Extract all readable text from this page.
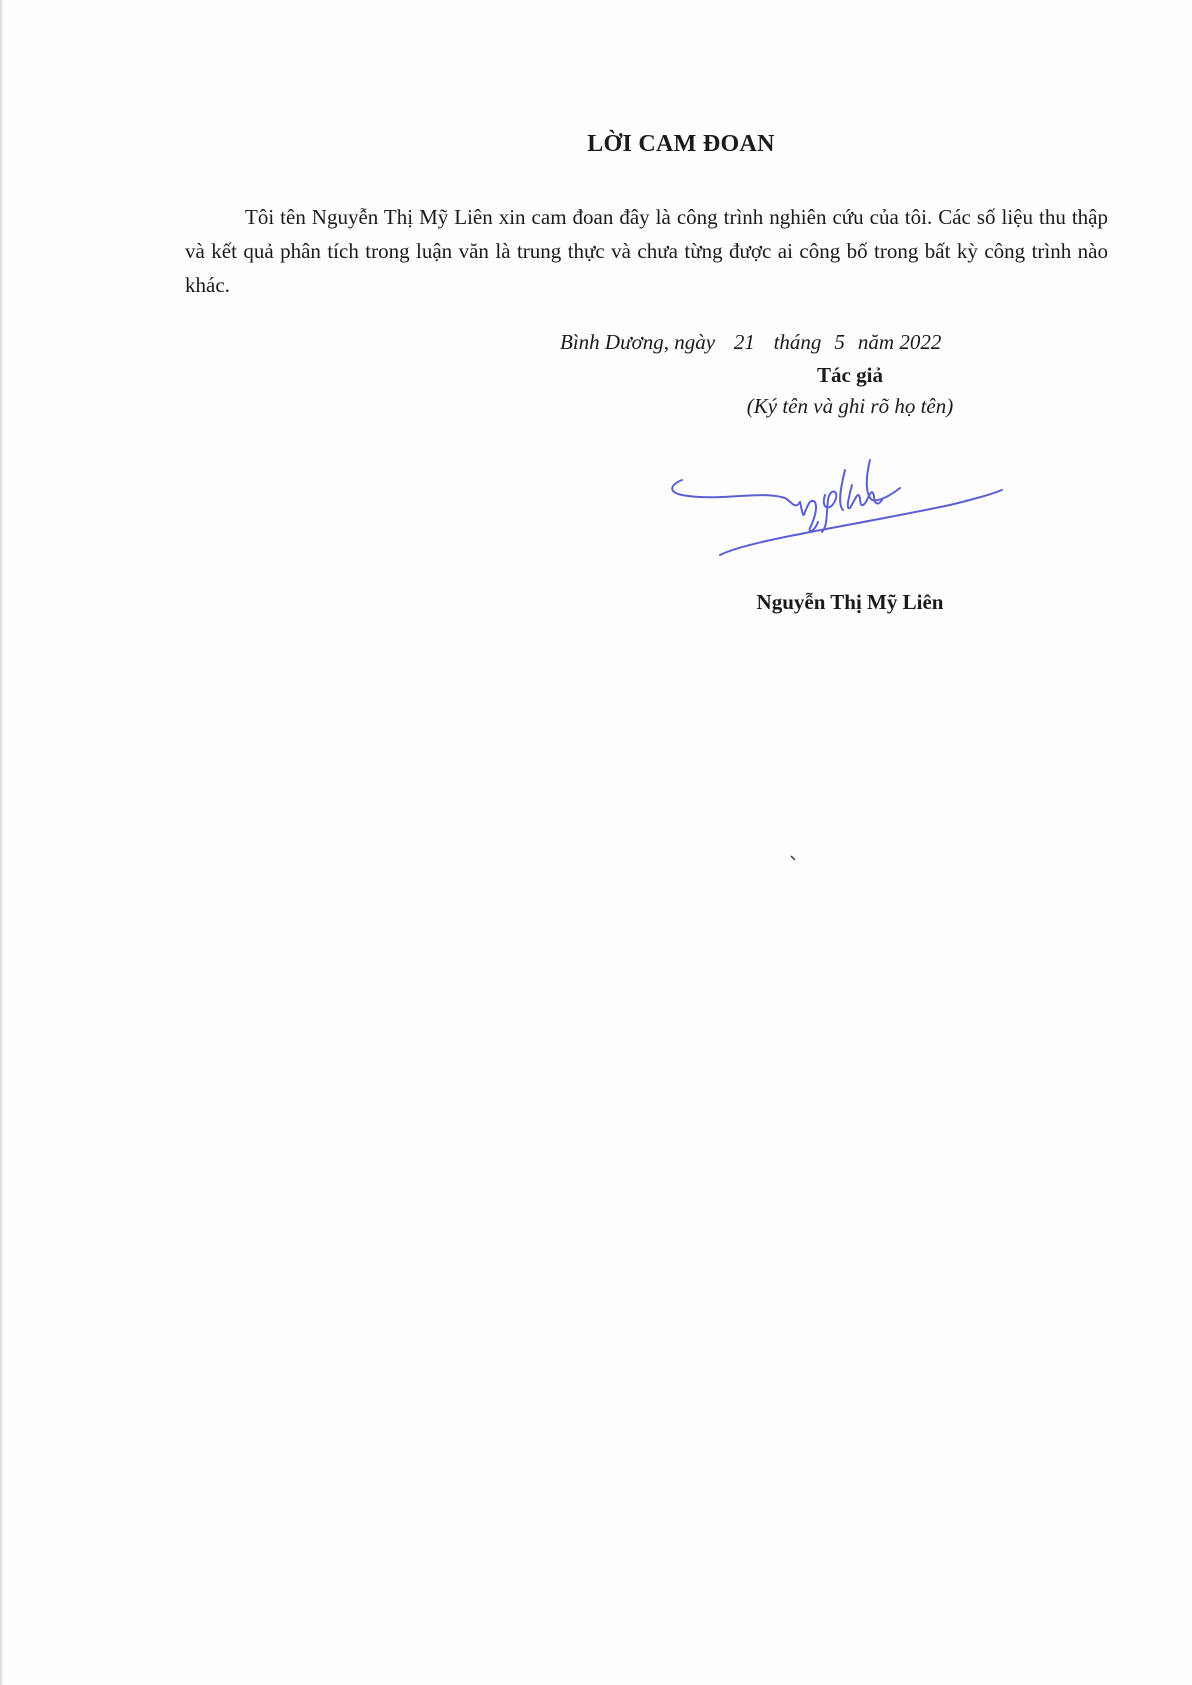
LỜI CAM ĐOAN

Tôi tên Nguyễn Thị Mỹ Liên xin cam đoan đây là công trình nghiên cứu của tôi. Các số liệu thu thập và kết quả phân tích trong luận văn là trung thực và chưa từng được ai công bố trong bất kỳ công trình nào khác.

Bình Dương, ngày 21 tháng 5 năm 2022
Tác giả
(Ký tên và ghi rõ họ tên)
Nguyễn Thị Mỹ Liên
